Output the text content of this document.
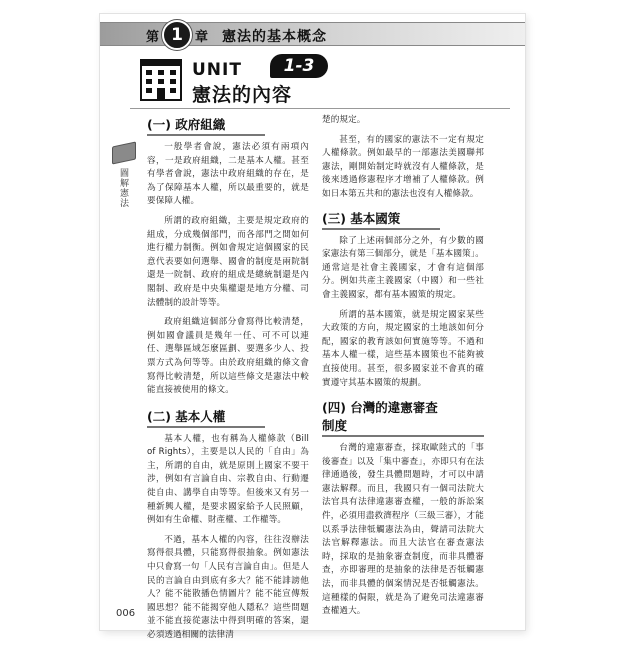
第 1 章 憲法的基本概念
UNIT	1-3
憲法的內容
(一) 政府組織

一般學者會說，憲法必須有兩項內容，一是政府組織，二是基本人權。甚至有學者會說，憲法中政府組織的存在，是為了保障基本人權，所以最重要的，就是要保障人權。

所謂的政府組織，主要是規定政府的組成，分成幾個部門，而各部門之間如何進行權力制衡。例如會規定這個國家的民意代表要如何選舉、國會的制度是兩院制還是一院制、政府的組成是總統制還是內閣制、政府是中央集權還是地方分權、司法體制的設計等等。

政府組織這個部分會寫得比較清楚，例如國會議員是幾年一任、可不可以連任、選舉區域怎麼區劃、要選多少人、投票方式為何等等。由於政府組織的條文會寫得比較清楚，所以這些條文是憲法中較能直接被使用的條文。

(二) 基本人權

基本人權，也有稱為人權條款（Bill of Rights），主要是以人民的「自由」為主，所謂的自由，就是原則上國家不要干涉，例如有言論自由、宗教自由、行動遷徙自由、講學自由等等。但後來又有另一種新興人權，是要求國家給予人民照顧，例如有生命權、財產權、工作權等。

不過，基本人權的內容，往往沒辦法寫得很具體，只能寫得很抽象。例如憲法中只會寫一句「人民有言論自由」。但是人民的言論自由到底有多大？能不能誹謗他人？能不能散播色情圖片？能不能宣傳叛國思想？能不能揭穿他人隱私？這些問題並不能直接從憲法中得到明確的答案，還必須透過相關的法律清

楚的規定。

甚至，有的國家的憲法不一定有規定人權條款。例如最早的一部憲法美國聯邦憲法，剛開始制定時就沒有人權條款，是後來透過修憲程序才增補了人權條款。例如日本第五共和的憲法也沒有人權條款。

(三) 基本國策

除了上述兩個部分之外，有少數的國家憲法有第三個部分，就是「基本國策」。通常這是社會主義國家，才會有這個部分。例如共產主義國家（中國）和一些社會主義國家，都有基本國策的規定。

所謂的基本國策，就是規定國家某些大政策的方向，規定國家的土地該如何分配，國家的教育該如何實施等等。不過和基本人權一樣，這些基本國策也不能夠被直接使用。甚至，很多國家並不會真的確實遵守其基本國策的規劃。

(四) 台灣的違憲審查制度

台灣的違憲審查，採取歐陸式的「事後審查」以及「集中審查」，亦即只有在法律通過後，發生具體問題時，才可以申請憲法解釋。而且，我國只有一個司法院大法官具有法律違憲審查權，一般的訴訟案件，必須用盡救濟程序（三級三審），才能以系爭法律牴觸憲法為由，聲請司法院大法官解釋憲法。而且大法官在審查憲法時，採取的是抽象審查制度，而非具體審查，亦即審理的是抽象的法律是否牴觸憲法，而非具體的個案情況是否牴觸憲法。這種樣的侷限，就是為了避免司法違憲審查權過大。

圖解憲法
006
